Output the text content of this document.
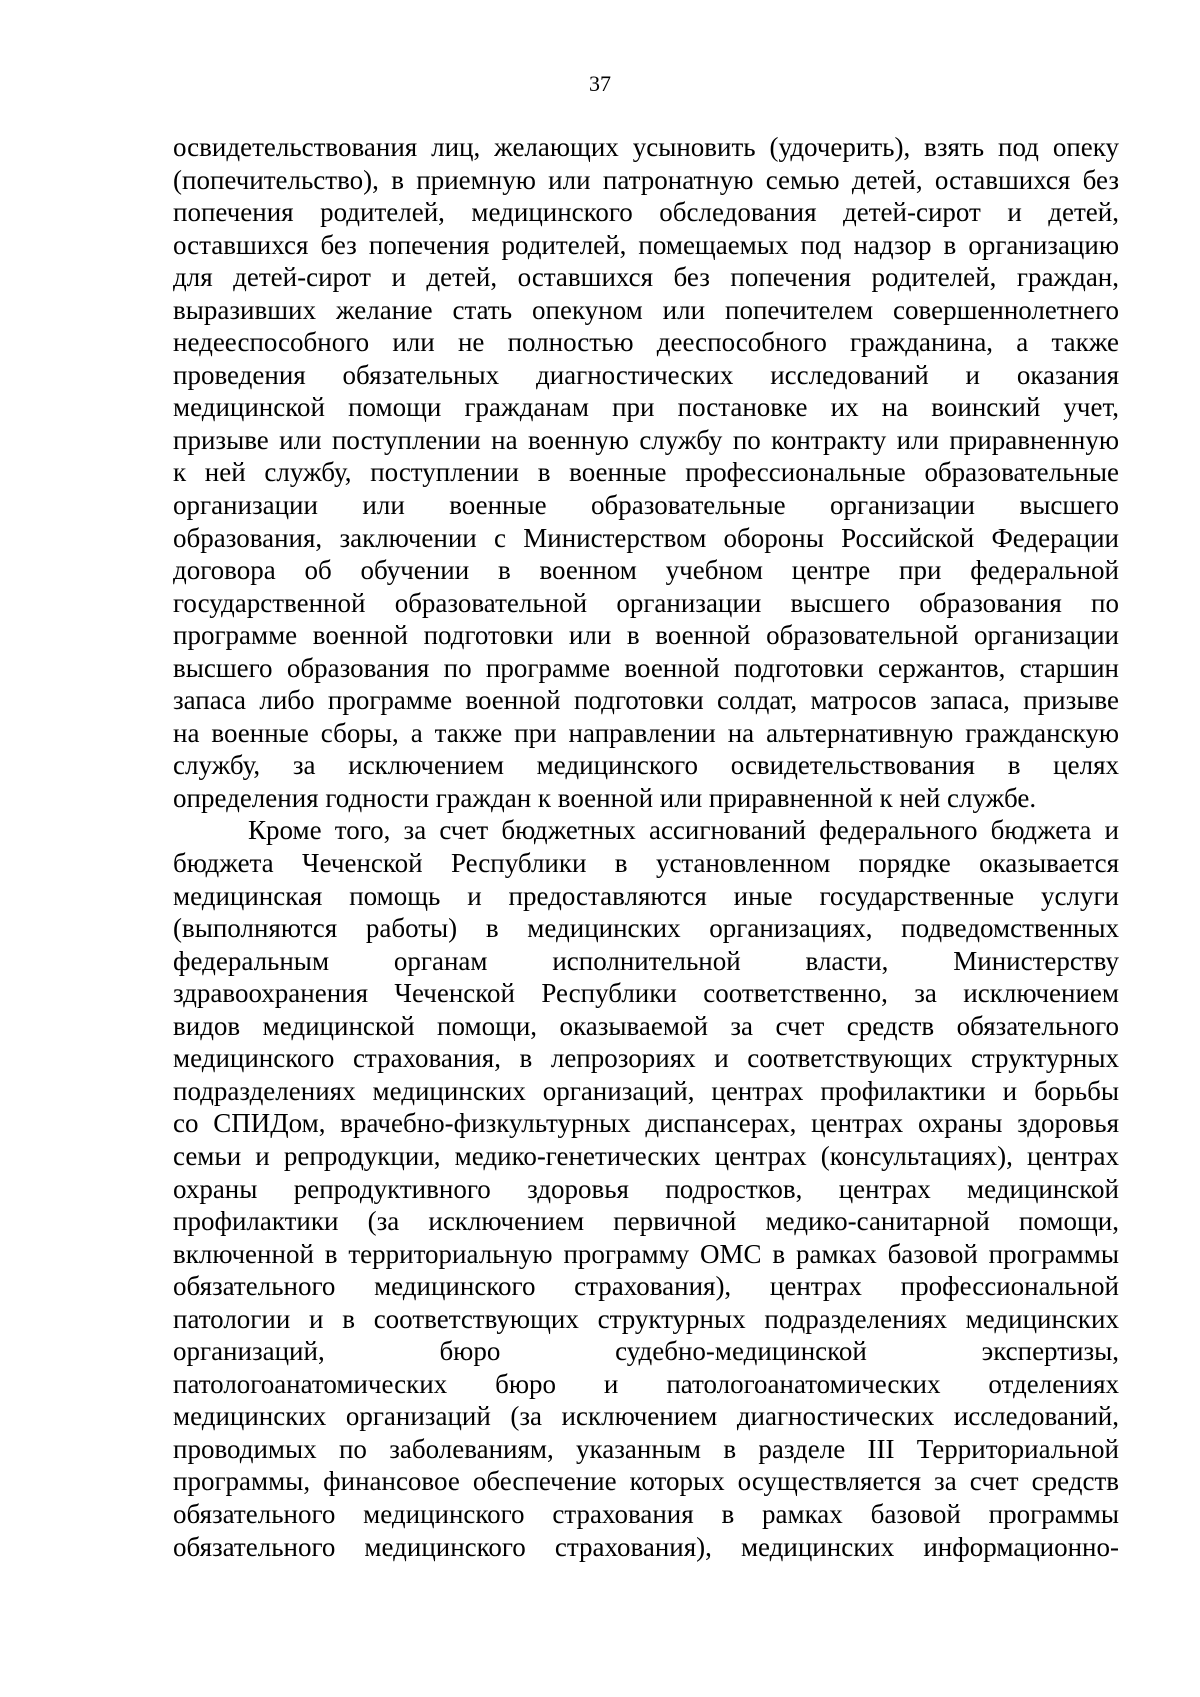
37
освидетельствования лиц, желающих усыновить (удочерить), взять под опеку
(попечительство), в приемную или патронатную семью детей, оставшихся без
попечения родителей, медицинского обследования детей-сирот и детей,
оставшихся без попечения родителей, помещаемых под надзор в организацию
для детей-сирот и детей, оставшихся без попечения родителей, граждан,
выразивших желание стать опекуном или попечителем совершеннолетнего
недееспособного или не полностью дееспособного гражданина, а также
проведения обязательных диагностических исследований и оказания
медицинской помощи гражданам при постановке их на воинский учет,
призыве или поступлении на военную службу по контракту или приравненную
к ней службу, поступлении в военные профессиональные образовательные
организации или военные образовательные организации высшего
образования, заключении с Министерством обороны Российской Федерации
договора об обучении в военном учебном центре при федеральной
государственной образовательной организации высшего образования по
программе военной подготовки или в военной образовательной организации
высшего образования по программе военной подготовки сержантов, старшин
запаса либо программе военной подготовки солдат, матросов запаса, призыве
на военные сборы, а также при направлении на альтернативную гражданскую
службу, за исключением медицинского освидетельствования в целях
определения годности граждан к военной или приравненной к ней службе.
Кроме того, за счет бюджетных ассигнований федерального бюджета и
бюджета Чеченской Республики в установленном порядке оказывается
медицинская помощь и предоставляются иные государственные услуги
(выполняются работы) в медицинских организациях, подведомственных
федеральным органам исполнительной власти, Министерству
здравоохранения Чеченской Республики соответственно, за исключением
видов медицинской помощи, оказываемой за счет средств обязательного
медицинского страхования, в лепрозориях и соответствующих структурных
подразделениях медицинских организаций, центрах профилактики и борьбы
со СПИДом, врачебно-физкультурных диспансерах, центрах охраны здоровья
семьи и репродукции, медико-генетических центрах (консультациях), центрах
охраны репродуктивного здоровья подростков, центрах медицинской
профилактики (за исключением первичной медико-санитарной помощи,
включенной в территориальную программу ОМС в рамках базовой программы
обязательного медицинского страхования), центрах профессиональной
патологии и в соответствующих структурных подразделениях медицинских
организаций, бюро судебно-медицинской экспертизы,
патологоанатомических бюро и патологоанатомических отделениях
медицинских организаций (за исключением диагностических исследований,
проводимых по заболеваниям, указанным в разделе III Территориальной
программы, финансовое обеспечение которых осуществляется за счет средств
обязательного медицинского страхования в рамках базовой программы
обязательного медицинского страхования), медицинских информационно-
